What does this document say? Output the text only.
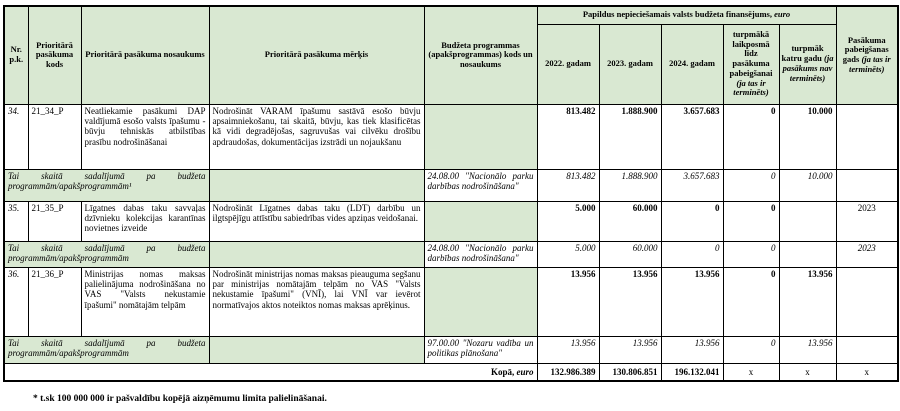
Nr. p.k.	Prioritārā pasākuma kods	Prioritārā pasākuma nosaukums	Prioritārā pasākuma mērķis	Budžeta programmas (apakšprogrammas) kods un nosaukums	Papildus nepieciešamais valsts budžeta finansējums, euro					Pasākuma pabeigšanas gads (ja tas ir terminēts)
					2022. gadam	2023. gadam	2024. gadam	turpmākā laikposmā līdz pasākuma pabeigšanai (ja tas ir terminēts)	turpmāk katru gadu (ja pasākums nav terminēts)	
34.	21_34_P	Neatliekamie pasākumi DAP valdījumā esošo valsts īpašumu - būvju tehniskās atbilstības prasību nodrošināšanai	Nodrošināt VARAM īpašumu sastāvā esošo būvju apsaimniekošanu, tai skaitā, būvju, kas tiek klasificētas kā vidi degradējošas, sagruvušas vai cilvēku drošību apdraudošas, dokumentācijas izstrādi un nojaukšanu		813.482	1.888.900	3.657.683	0	10.000	
Tai skaitā sadalījumā pa budžeta programmām/apakšprogrammām¹				24.08.00 "Nacionālo parku darbības nodrošināšana"	813.482	1.888.900	3.657.683	0	10.000	
35.	21_35_P	Līgatnes dabas taku savvaļas dzīvnieku kolekcijas karantīnas novietnes izveide	Nodrošināt Līgatnes dabas taku (LDT) darbību un ilgtspējīgu attīstību sabiedrības vides apziņas veidošanai.		5.000	60.000	0	0		2023
Tai skaitā sadalījumā pa budžeta programmām/apakšprogrammām				24.08.00 "Nacionālo parku darbības nodrošināšana"	5.000	60.000	0	0		2023
36.	21_36_P	Ministrijas nomas maksas palielinājuma nodrošināšana no VAS "Valsts nekustamie īpašumi" nomātajām telpām	Nodrošināt ministrijas nomas maksas pieauguma segšanu par ministrijas nomātajām telpām no VAS "Valsts nekustamie īpašumi" (VNĪ), lai VNĪ var ievērot normatīvajos aktos noteiktos nomas maksas aprēķinus.		13.956	13.956	13.956	0	13.956	
Tai skaitā sadalījumā pa budžeta programmām/apakšprogrammām				97.00.00 "Nozaru vadība un politikas plānošana"	13.956	13.956	13.956	0	13.956	
Kopā, euro					132.986.389	130.806.851	196.132.041	x	x	x
* t.sk 100 000 000 ir pašvaldību kopējā aizņēmumu limita palielināšanai.
